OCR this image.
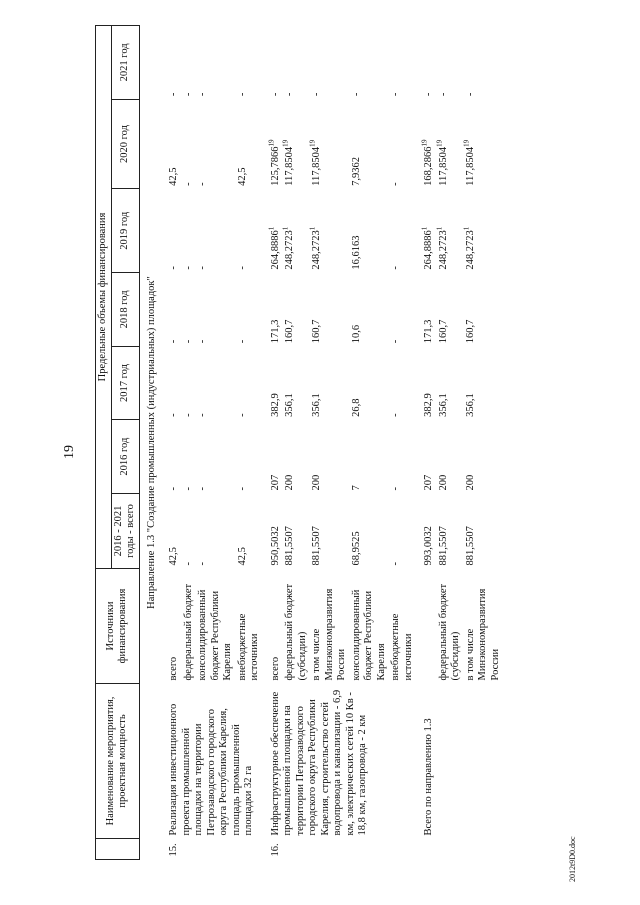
19
	Наименование мероприятия, проектная мощность	Источники финансирования	Предельные объемы финансирования						
			2016 - 2021 годы - всего	2016 год	2017 год	2018 год	2019 год	2020 год	2021 год
Направление 1.3 "Создание промышленных (индустриальных) площадок"									
15.	Реализация инвестиционного проекта промышленной площадки на территории Петрозаводского городского округа Республики Карелия, площадь промышленной площадки 32 га	всего	42,5	-	-	-	-	42,5	-
		федеральный бюджет	-	-	-	-	-	-	-
		консолидированный бюджет Республики Карелия	-	-	-	-	-	-	-
		внебюджетные источники	42,5	-	-	-	-	42,5	-
16.	Инфраструктурное обеспечение промышленной площадки на территории Петрозаводского городского округа Республики Карелия, строительство сетей водопровода и канализации - 6,9 км, электрических сетей 10 Кв - 18,8 км, газопровода - 2 км	всего	950,5032	207	382,9	171,3	264,8886$^1$	125,7866$^{19}$	-
		федеральный бюджет (субсидии)	881,5507	200	356,1	160,7	248,2723$^1$	117,8504$^{19}$	-
		в том числе Минэкономразвития России	881,5507	200	356,1	160,7	248,2723$^1$	117,8504$^{19}$	-
		консолидированный бюджет Республики Карелия	68,9525	7	26,8	10,6	16,6163	7,9362	-
		внебюджетные источники	-	-	-	-	-	-	-
	Всего по направлению 1.3		993,0032	207	382,9	171,3	264,8886$^1$	168,2866$^{19}$	-
		федеральный бюджет (субсидии)	881,5507	200	356,1	160,7	248,2723$^1$	117,8504$^{19}$	-
		в том числе Минэкономразвития России	881,5507	200	356,1	160,7	248,2723$^1$	117,8504$^{19}$	-
2012t9D0.doc
